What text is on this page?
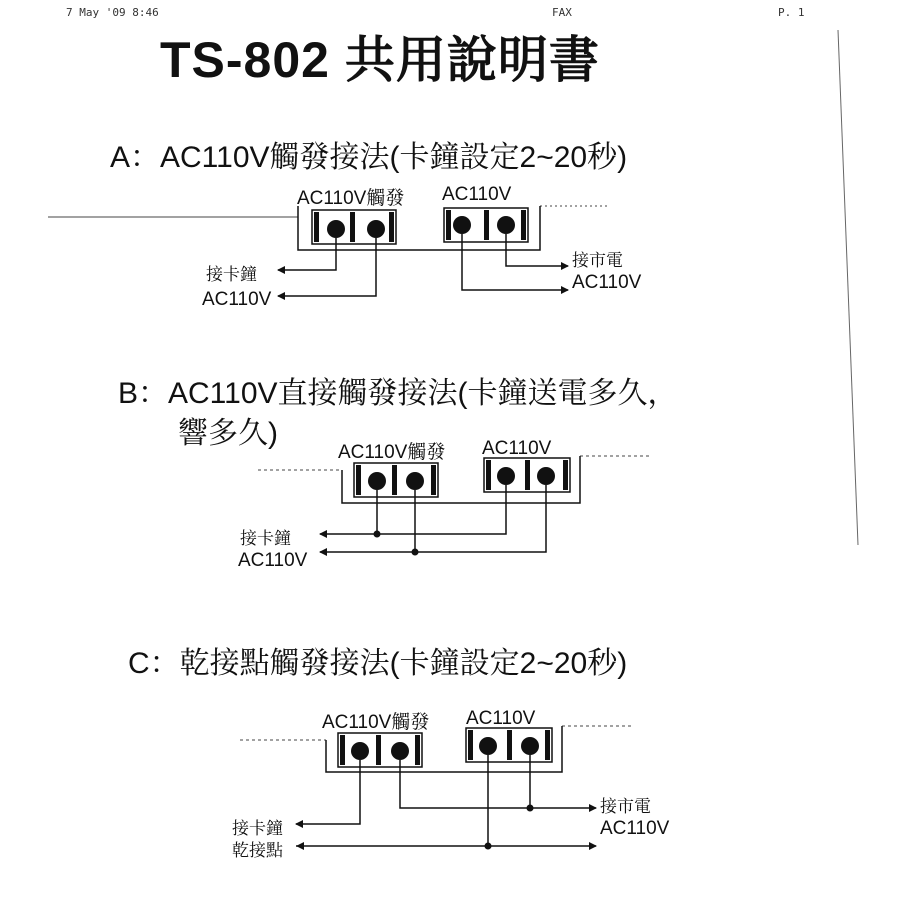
7 May '09 8:46	FAX	P. 1
TS-802 共用說明書
A：AC110V觸發接法(卡鐘設定2~20秒)
B：AC110V直接觸發接法(卡鐘送電多久，
響多久)
C：乾接點觸發接法(卡鐘設定2~20秒)
AC110V觸發 AC110V
接卡鐘
AC110V
接市電
AC110V
AC110V觸發 AC110V
接卡鐘
AC110V
AC110V觸發 AC110V
接卡鐘
乾接點
接市電
AC110V
